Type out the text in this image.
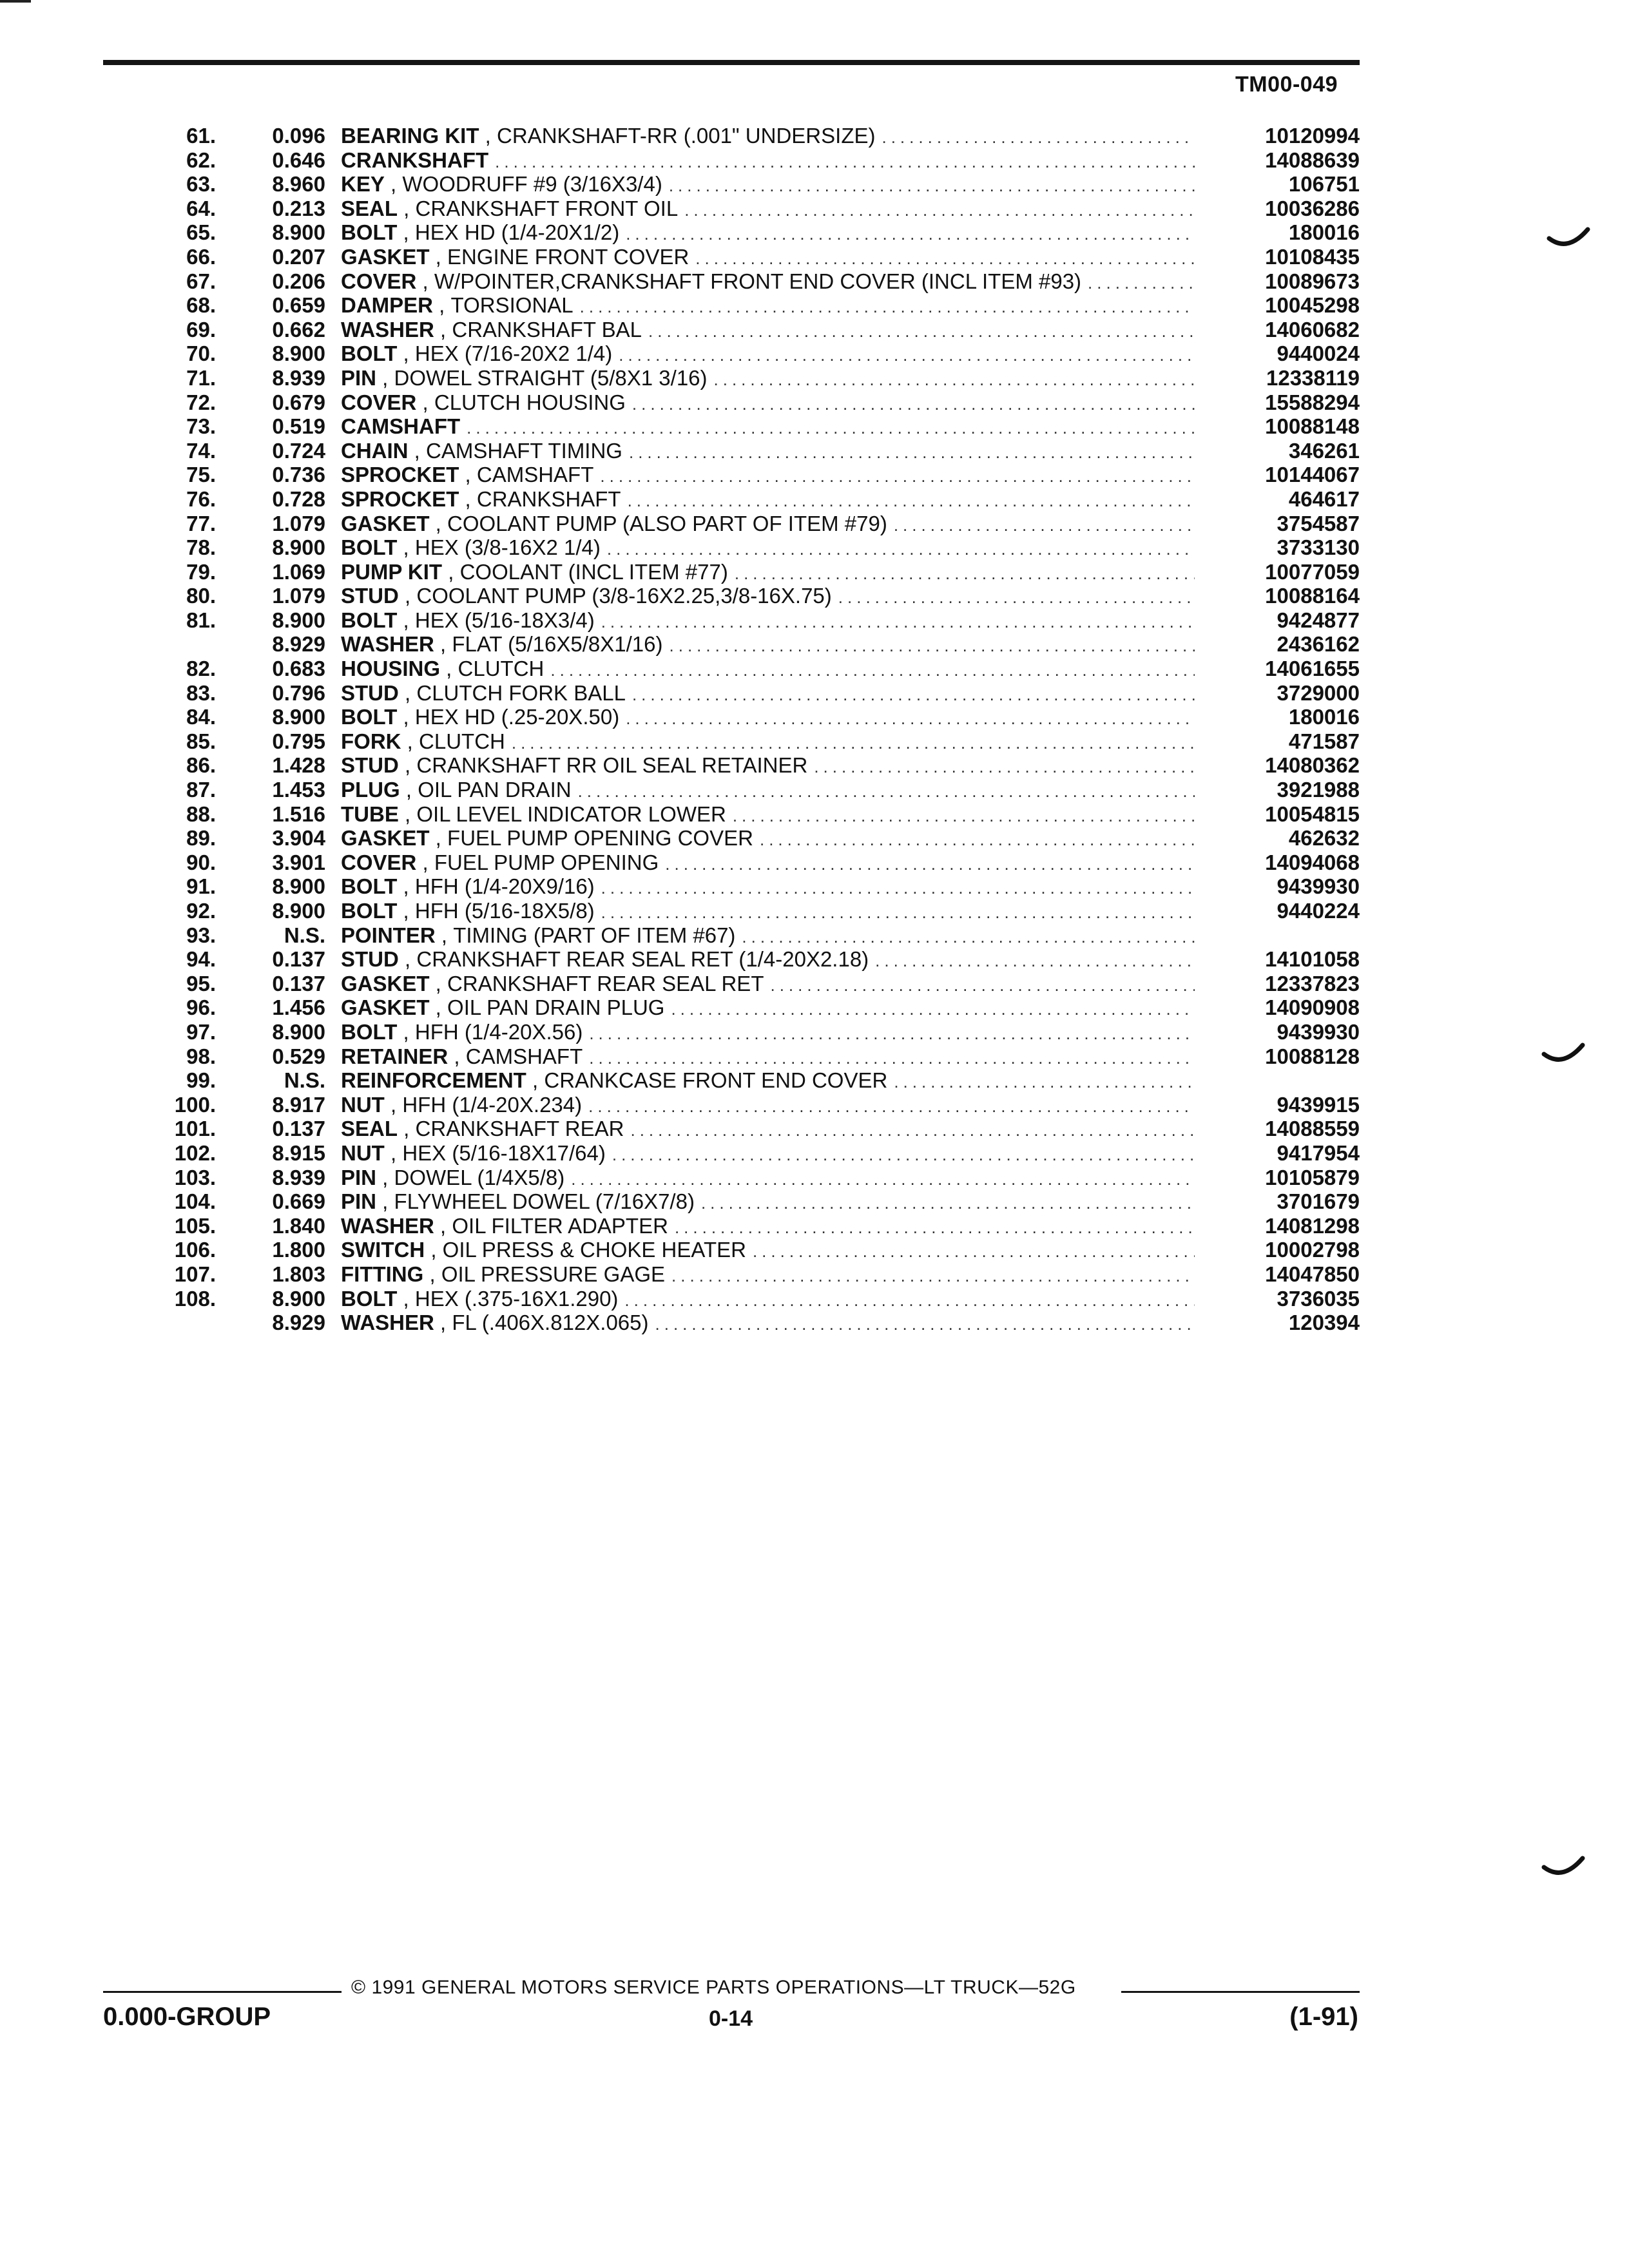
TM00-049
61.	0.096 BEARING KIT , CRANKSHAFT-RR (.001" UNDERSIZE) .....	10120994
62.	0.646 CRANKSHAFT .....	14088639
63.	8.960 KEY , WOODRUFF #9 (3/16X3/4) .....	106751
64.	0.213 SEAL , CRANKSHAFT FRONT OIL .....	10036286
65.	8.900 BOLT , HEX HD (1/4-20X1/2) .....	180016
66.	0.207 GASKET , ENGINE FRONT COVER .....	10108435
67.	0.206 COVER , W/POINTER,CRANKSHAFT FRONT END COVER (INCL ITEM #93) .....	10089673
68.	0.659 DAMPER , TORSIONAL .....	10045298
69.	0.662 WASHER , CRANKSHAFT BAL .....	14060682
70.	8.900 BOLT , HEX (7/16-20X2 1/4) .....	9440024
71.	8.939 PIN , DOWEL STRAIGHT (5/8X1 3/16) .....	12338119
72.	0.679 COVER , CLUTCH HOUSING .....	15588294
73.	0.519 CAMSHAFT .....	10088148
74.	0.724 CHAIN , CAMSHAFT TIMING .....	346261
75.	0.736 SPROCKET , CAMSHAFT .....	10144067
76.	0.728 SPROCKET , CRANKSHAFT .....	464617
77.	1.079 GASKET , COOLANT PUMP (ALSO PART OF ITEM #79) .....	3754587
78.	8.900 BOLT , HEX (3/8-16X2 1/4) .....	3733130
79.	1.069 PUMP KIT , COOLANT (INCL ITEM #77) .....	10077059
80.	1.079 STUD , COOLANT PUMP (3/8-16X2.25,3/8-16X.75) .....	10088164
81.	8.900 BOLT , HEX (5/16-18X3/4) .....	9424877
8.929 WASHER , FLAT (5/16X5/8X1/16) .....	2436162
82.	0.683 HOUSING , CLUTCH .....	14061655
83.	0.796 STUD , CLUTCH FORK BALL .....	3729000
84.	8.900 BOLT , HEX HD (.25-20X.50) .....	180016
85.	0.795 FORK , CLUTCH .....	471587
86.	1.428 STUD , CRANKSHAFT RR OIL SEAL RETAINER .....	14080362
87.	1.453 PLUG , OIL PAN DRAIN .....	3921988
88.	1.516 TUBE , OIL LEVEL INDICATOR LOWER .....	10054815
89.	3.904 GASKET , FUEL PUMP OPENING COVER .....	462632
90.	3.901 COVER , FUEL PUMP OPENING .....	14094068
91.	8.900 BOLT , HFH (1/4-20X9/16) .....	9439930
92.	8.900 BOLT , HFH (5/16-18X5/8) .....	9440224
93.	N.S. POINTER , TIMING (PART OF ITEM #67)
.....
94.	0.137 STUD , CRANKSHAFT REAR SEAL RET (1/4-20X2.18) .....	14101058
95.	0.137 GASKET , CRANKSHAFT REAR SEAL RET .....	12337823
96.	1.456 GASKET , OIL PAN DRAIN PLUG .....	14090908
97.	8.900 BOLT , HFH (1/4-20X.56) .....	9439930
98.	0.529 RETAINER , CAMSHAFT .....	10088128
99.	N.S. REINFORCEMENT , CRANKCASE FRONT END COVER
.....
100.	8.917 NUT , HFH (1/4-20X.234) .....	9439915
101.	0.137 SEAL , CRANKSHAFT REAR .....	14088559
102.	8.915 NUT , HEX (5/16-18X17/64) .....	9417954
103.	8.939 PIN , DOWEL (1/4X5/8) .....	10105879
104.	0.669 PIN , FLYWHEEL DOWEL (7/16X7/8) .....	3701679
105.	1.840 WASHER , OIL FILTER ADAPTER .....	14081298
106.	1.800 SWITCH , OIL PRESS & CHOKE HEATER .....	10002798
107.	1.803 FITTING , OIL PRESSURE GAGE .....	14047850
108.	8.900 BOLT , HEX (.375-16X1.290) .....	3736035
8.929 WASHER , FL (.406X.812X.065) .....	120394
© 1991 GENERAL MOTORS SERVICE PARTS OPERATIONS—LT TRUCK—52G
0.000-GROUP	0-14	(1-91)
